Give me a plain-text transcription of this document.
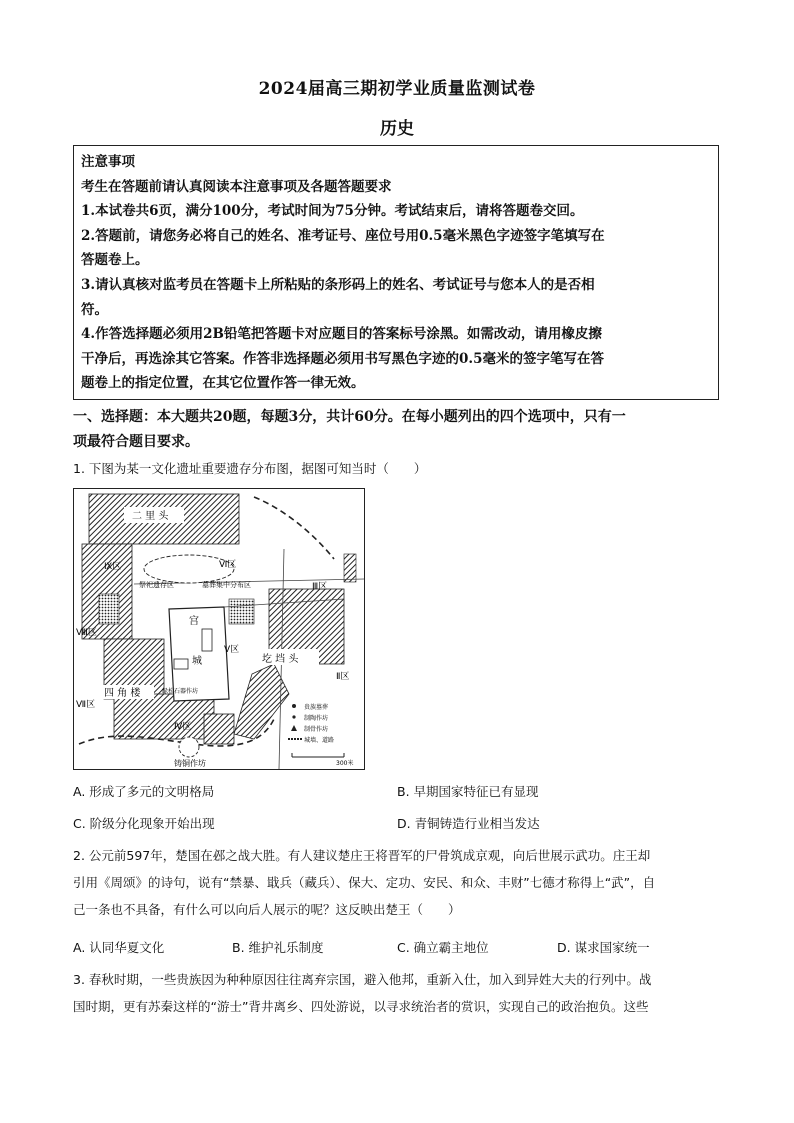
2024届高三期初学业质量监测试卷
历史
注意事项
考生在答题前请认真阅读本注意事项及各题答题要求
1.本试卷共6页，满分100分，考试时间为75分钟。考试结束后，请将答题卷交回。
2.答题前，请您务必将自己的姓名、准考证号、座位号用0.5毫米黑色字迹签字笔填写在
答题卷上。
3.请认真核对监考员在答题卡上所粘贴的条形码上的姓名、考试证号与您本人的是否相
符。
4.作答选择题必须用2B铅笔把答题卡对应题目的答案标号涂黑。如需改动，请用橡皮擦
干净后，再选涂其它答案。作答非选择题必须用书写黑色字迹的0.5毫米的签字笔写在答
题卷上的指定位置，在其它位置作答一律无效。
一、选择题：本大题共20题，每题3分，共计60分。在每小题列出的四个选项中，只有一
项最符合题目要求。
1. 下图为某一文化遗址重要遗存分布图，据图可知当时（　　）
二 里 头
Ⅸ区	Ⅵ区
Ⅲ区
Ⅷ区
宫
Ⅴ区
城	圪 垱 头
Ⅱ区
四 角 楼	绿松石器作坊
Ⅶ区
Ⅳ区
祭祀遗存区	墓葬集中分布区
铸铜作坊
贵族墓葬
制陶作坊
制骨作坊
城墙、道路
300米
A. 形成了多元的文明格局	B. 早期国家特征已有显现
C. 阶级分化现象开始出现	D. 青铜铸造行业相当发达
2. 公元前597年，楚国在邲之战大胜。有人建议楚庄王将晋军的尸骨筑成京观，向后世展示武功。庄王却
引用《周颂》的诗句，说有“禁暴、戢兵（藏兵）、保大、定功、安民、和众、丰财”七德才称得上“武”，自
己一条也不具备，有什么可以向后人展示的呢？这反映出楚王（　　）
A. 认同华夏文化	B. 维护礼乐制度	C. 确立霸主地位	D. 谋求国家统一
3. 春秋时期，一些贵族因为种种原因往往离弃宗国，避入他邦，重新入仕，加入到异姓大夫的行列中。战
国时期，更有苏秦这样的“游士”背井离乡、四处游说，以寻求统治者的赏识，实现自己的政治抱负。这些
